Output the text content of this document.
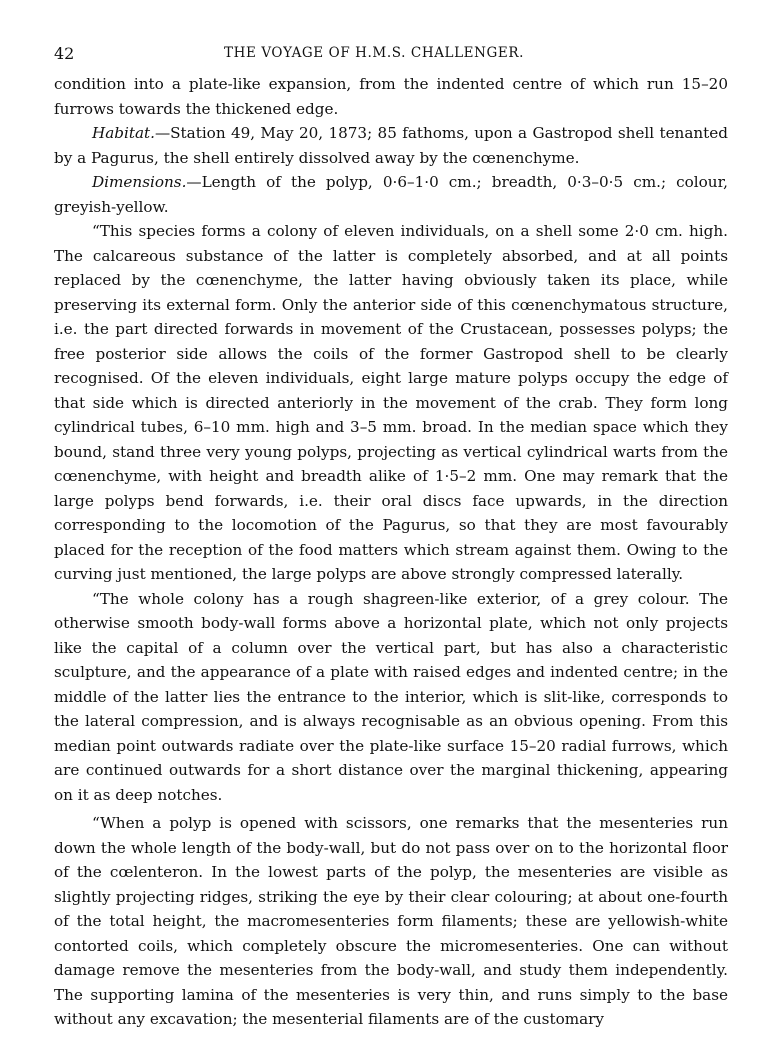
42	THE VOYAGE OF H.M.S. CHALLENGER.

condition into a plate-like expansion, from the indented centre of which run 15–20 furrows towards the thickened edge.

Habitat.—Station 49, May 20, 1873; 85 fathoms, upon a Gastropod shell tenanted by a Pagurus, the shell entirely dissolved away by the cœnenchyme.

Dimensions.—Length of the polyp, 0·6–1·0 cm.; breadth, 0·3–0·5 cm.; colour, greyish-yellow.

“This species forms a colony of eleven individuals, on a shell some 2·0 cm. high. The calcareous substance of the latter is completely absorbed, and at all points replaced by the cœnenchyme, the latter having obviously taken its place, while preserving its external form. Only the anterior side of this cœnenchymatous structure, i.e. the part directed forwards in movement of the Crustacean, possesses polyps; the free posterior side allows the coils of the former Gastropod shell to be clearly recognised. Of the eleven individuals, eight large mature polyps occupy the edge of that side which is directed anteriorly in the movement of the crab. They form long cylindrical tubes, 6–10 mm. high and 3–5 mm. broad. In the median space which they bound, stand three very young polyps, projecting as vertical cylindrical warts from the cœnenchyme, with height and breadth alike of 1·5–2 mm. One may remark that the large polyps bend forwards, i.e. their oral discs face upwards, in the direction corresponding to the locomotion of the Pagurus, so that they are most favourably placed for the reception of the food matters which stream against them. Owing to the curving just mentioned, the large polyps are above strongly compressed laterally.

“The whole colony has a rough shagreen-like exterior, of a grey colour. The otherwise smooth body-wall forms above a horizontal plate, which not only projects like the capital of a column over the vertical part, but has also a characteristic sculpture, and the appearance of a plate with raised edges and indented centre; in the middle of the latter lies the entrance to the interior, which is slit-like, corresponds to the lateral compression, and is always recognisable as an obvious opening. From this median point outwards radiate over the plate-like surface 15–20 radial furrows, which are continued outwards for a short distance over the marginal thickening, appearing on it as deep notches.

“When a polyp is opened with scissors, one remarks that the mesenteries run down the whole length of the body-wall, but do not pass over on to the horizontal floor of the cœlenteron. In the lowest parts of the polyp, the mesenteries are visible as slightly projecting ridges, striking the eye by their clear colouring; at about one-fourth of the total height, the macromesenteries form filaments; these are yellowish-white contorted coils, which completely obscure the micromesenteries. One can without damage remove the mesenteries from the body-wall, and study them independently. The supporting lamina of the mesenteries is very thin, and runs simply to the base without any excavation; the mesenterial filaments are of the customary
